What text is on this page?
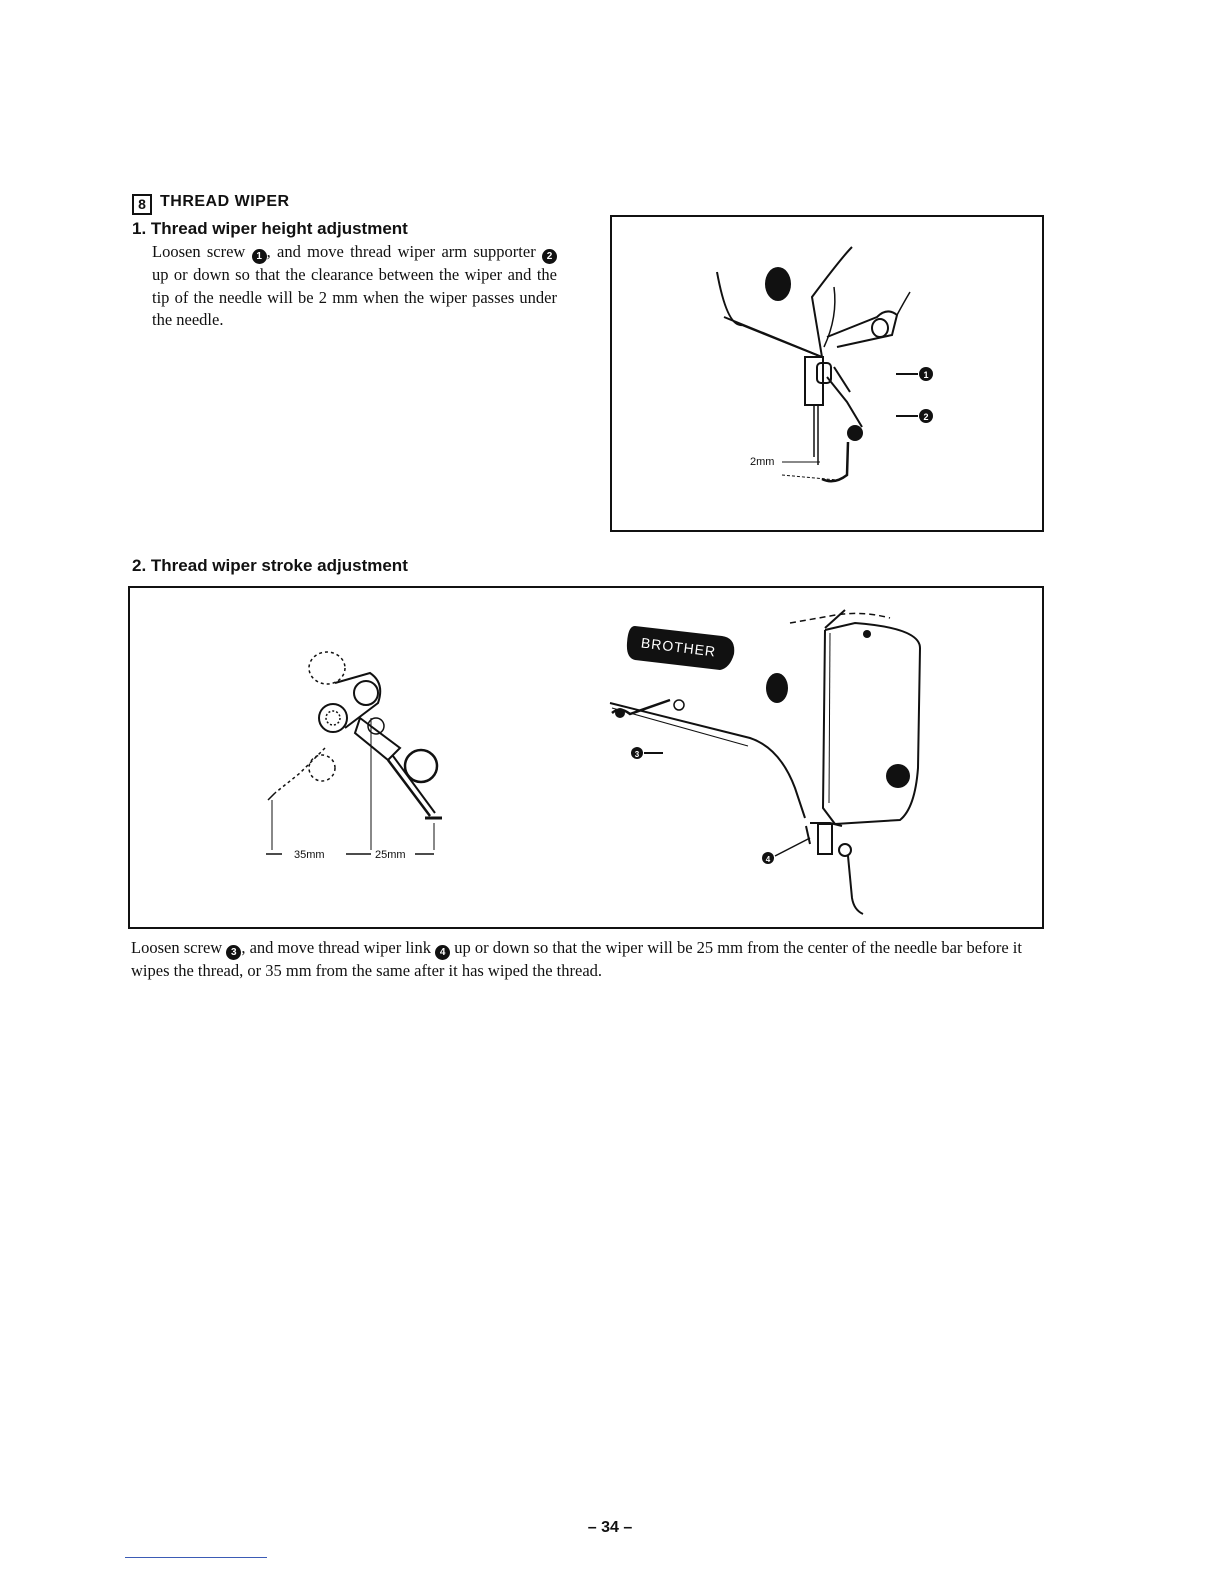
8 THREAD WIPER
1. Thread wiper height adjustment
Loosen screw 1 , and move thread wiper arm supporter 2 up or down so that the clearance between the wiper and the tip of the needle will be 2 mm when the wiper passes under the needle.
2mm
1
2
2. Thread wiper stroke adjustment
35mm	25mm
BROTHER
3
4
Loosen screw 3 , and move thread wiper link 4 up or down so that the wiper will be 25 mm from the center of the needle bar before it wipes the thread, or 35 mm from the same after it has wiped the thread.
– 34 –
